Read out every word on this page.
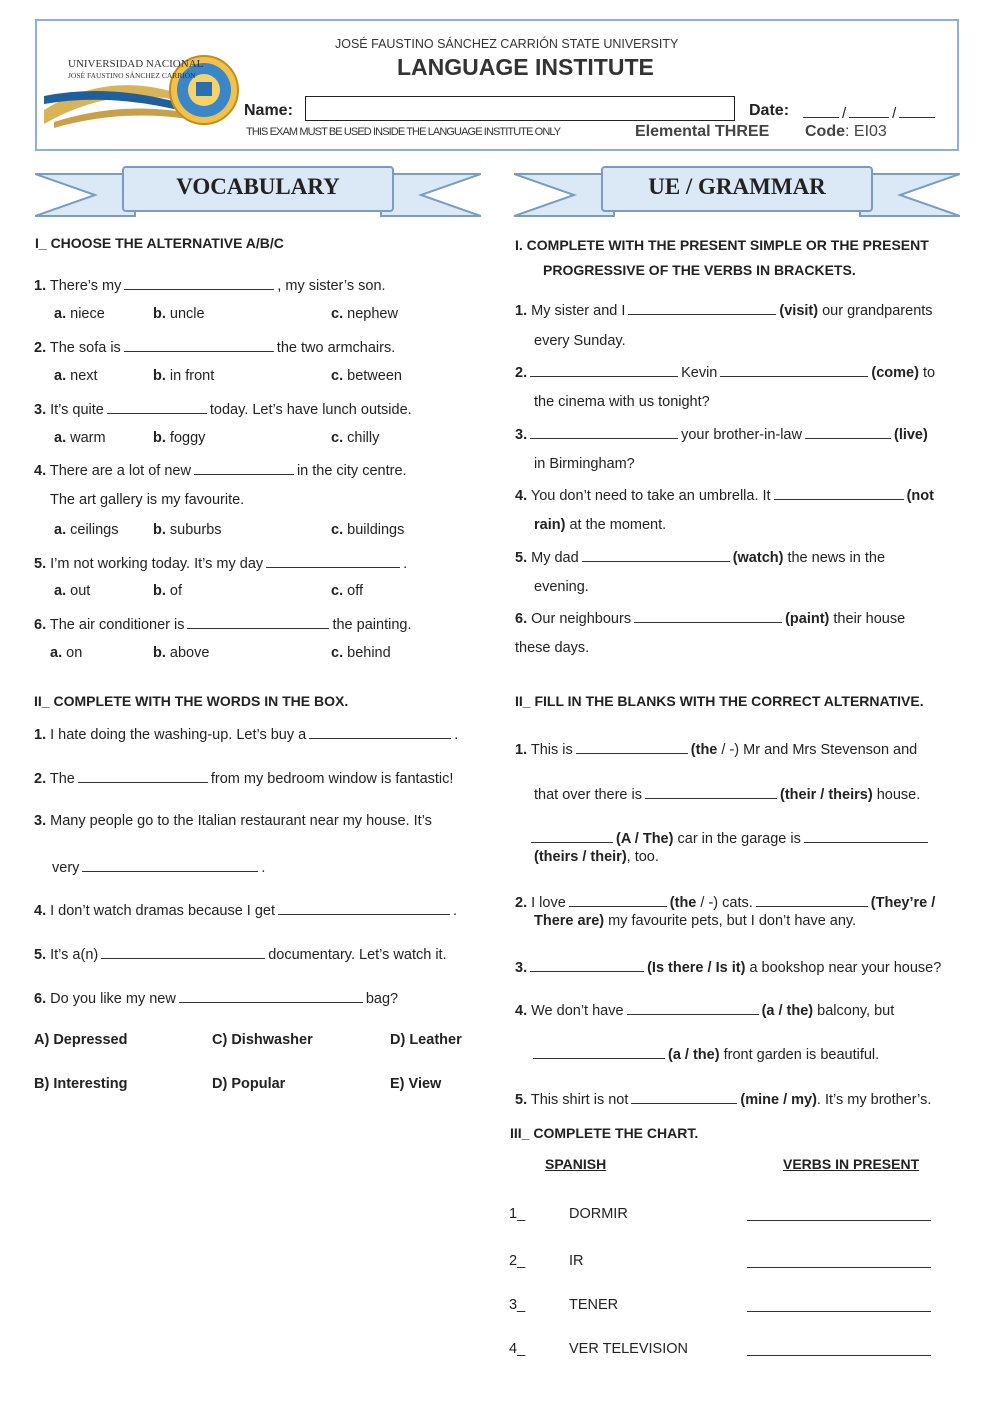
UNIVERSIDAD NACIONAL
JOSÉ FAUSTINO SÁNCHEZ CARRIÓN
JOSÉ FAUSTINO SÁNCHEZ CARRIÓN STATE UNIVERSITY
LANGUAGE INSTITUTE
Name:	Date:	/	/
THIS EXAM MUST BE USED INSIDE THE LANGUAGE INSTITUTE ONLY	Elemental THREE Code: EI03
VOCABULARY	UE / GRAMMAR
I_ CHOOSE THE ALTERNATIVE A/B/C
1. There’s my	, my sister’s son.
a. niece	b. uncle	c. nephew
2. The sofa is	the two armchairs.
a. next	b. in front	c. between
3. It’s quite	today. Let’s have lunch outside.
a. warm	b. foggy	c. chilly
4. There are a lot of new	in the city centre.
The art gallery is my favourite.
a. ceilings b. suburbs	c. buildings
5. I’m not working today. It’s my day	.
a. out	b. of	c. off
6. The air conditioner is	the painting.
a. on	b. above	c. behind
II_ COMPLETE WITH THE WORDS IN THE BOX.
1. I hate doing the washing-up. Let’s buy a	.
2. The	from my bedroom window is fantastic!
3. Many people go to the Italian restaurant near my house. It’s
very	.
4. I don’t watch dramas because I get	.
5. It’s a(n)	documentary. Let’s watch it.
6. Do you like my new	bag?
A) Depressed	C) Dishwasher	D) Leather
B) Interesting	D) Popular	E) View
I. COMPLETE WITH THE PRESENT SIMPLE OR THE PRESENT
PROGRESSIVE OF THE VERBS IN BRACKETS.
1. My sister and I	(visit) our grandparents
every Sunday.
2.	Kevin	(come) to
the cinema with us tonight?
3.	your brother-in-law	(live)
in Birmingham?
4. You don’t need to take an umbrella. It	(not
rain) at the moment.
5. My dad	(watch) the news in the
evening.
6. Our neighbours	(paint) their house
these days.
II_ FILL IN THE BLANKS WITH THE CORRECT ALTERNATIVE.
1. This is	(the / -) Mr and Mrs Stevenson and
that over there is	(their / theirs) house.
(A / The) car in the garage is
(theirs / their), too.
2. I love	(the / -) cats.	(They’re /
There are) my favourite pets, but I don’t have any.
3.	(Is there / Is it) a bookshop near your house?
4. We don’t have	(a / the) balcony, but
(a / the) front garden is beautiful.
5. This shirt is not	(mine / my). It’s my brother’s.
III_ COMPLETE THE CHART.
SPANISH	VERBS IN PRESENT
1_	DORMIR
2_	IR
3_	TENER
4_	VER TELEVISION
